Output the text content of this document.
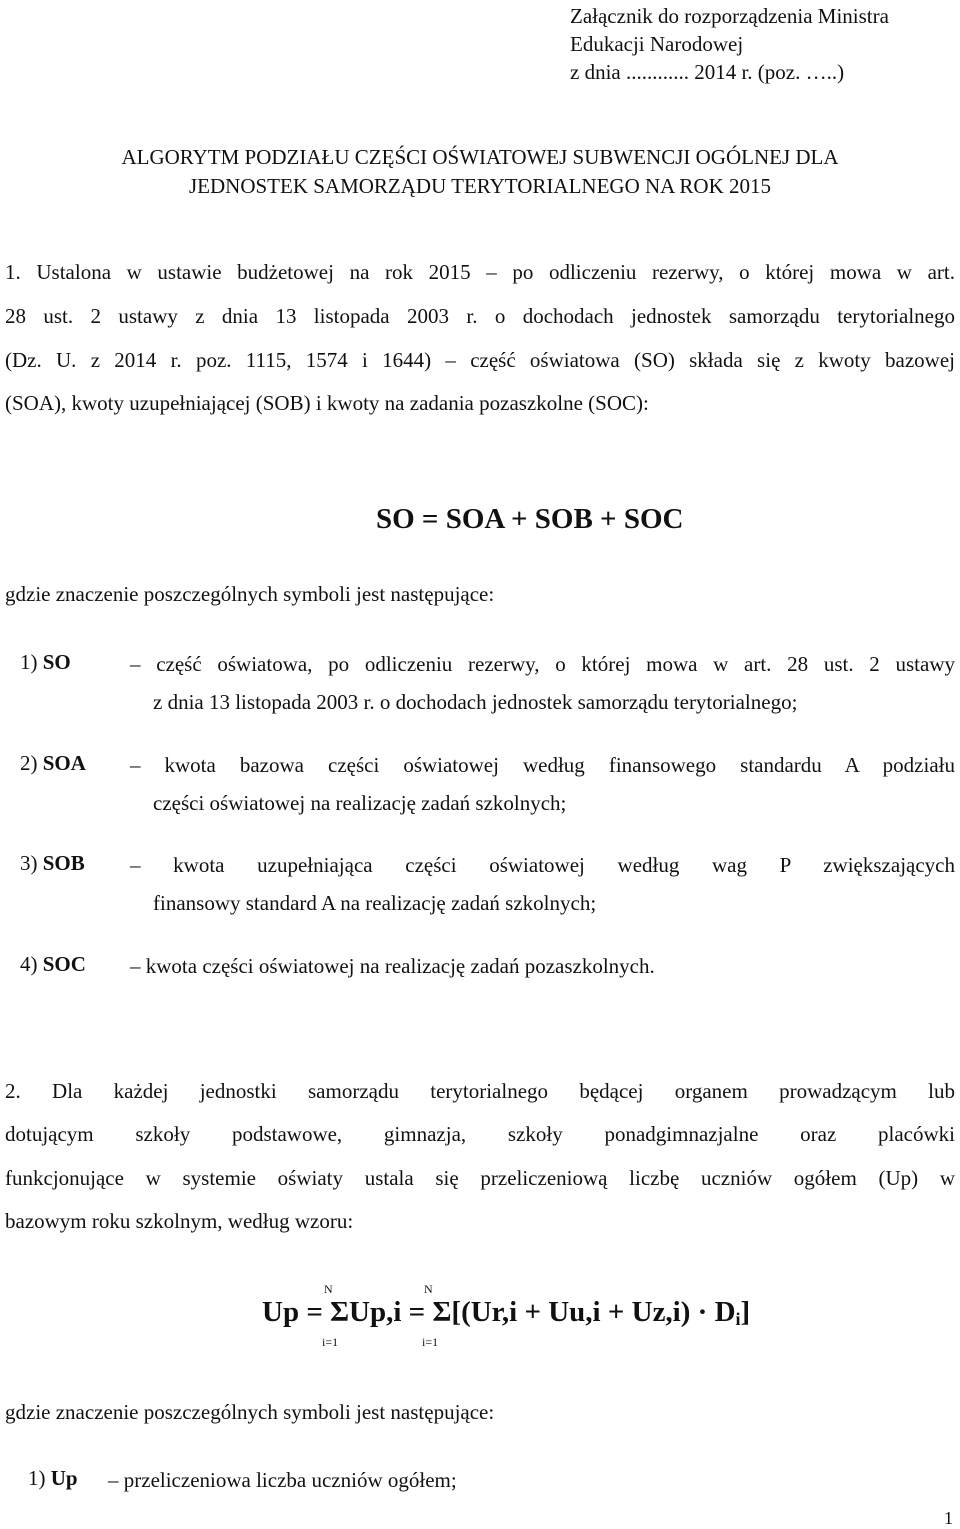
Załącznik do rozporządzenia Ministra
Edukacji Narodowej
z dnia ............ 2014 r. (poz. …..)
ALGORYTM PODZIAŁU CZĘŚCI OŚWIATOWEJ SUBWENCJI OGÓLNEJ DLA
JEDNOSTEK SAMORZĄDU TERYTORIALNEGO NA ROK 2015
1. Ustalona w ustawie budżetowej na rok 2015 – po odliczeniu rezerwy, o której mowa w art.
28 ust. 2 ustawy z dnia 13 listopada 2003 r. o dochodach jednostek samorządu terytorialnego
(Dz. U. z 2014 r. poz. 1115, 1574 i 1644) – część oświatowa (SO) składa się z kwoty bazowej
(SOA), kwoty uzupełniającej (SOB) i kwoty na zadania pozaszkolne (SOC):
SO = SOA + SOB + SOC
gdzie znaczenie poszczególnych symboli jest następujące:
1) SO	– część oświatowa, po odliczeniu rezerwy, o której mowa w art. 28 ust. 2 ustawy
z dnia 13 listopada 2003 r. o dochodach jednostek samorządu terytorialnego;
2) SOA – kwota bazowa części oświatowej według finansowego standardu A podziału
części oświatowej na realizację zadań szkolnych;
3) SOB – kwota uzupełniająca części oświatowej według wag P zwiększających
finansowy standard A na realizację zadań szkolnych;
4) SOC – kwota części oświatowej na realizację zadań pozaszkolnych.
2. Dla każdej jednostki samorządu terytorialnego będącej organem prowadzącym lub
dotującym szkoły podstawowe, gimnazja, szkoły ponadgimnazjalne oraz placówki
funkcjonujące w systemie oświaty ustala się przeliczeniową liczbę uczniów ogółem (Up) w
bazowym roku szkolnym, według wzoru:
N	N
$Up = \Sigma Up,i = \Sigma[(Ur,i + Uu,i + Uz,i) \cdot D_i]$
i=1	i=1
gdzie znaczenie poszczególnych symboli jest następujące:
1) Up – przeliczeniowa liczba uczniów ogółem;
1
